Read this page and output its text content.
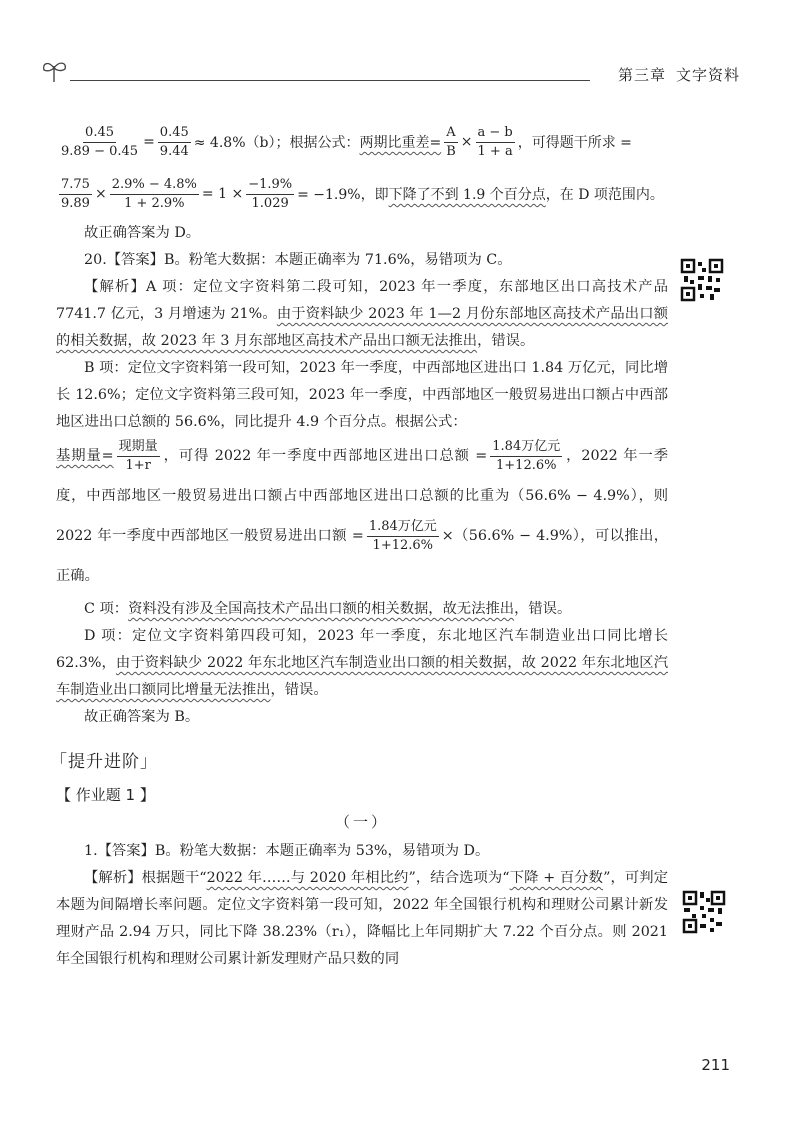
第三章 文字资料
$\frac{0.45}{9.89 - 0.45} = \frac{0.45}{9.44} \approx 4.8\%(b)$；根据公式： 两期比重差= $\frac{A}{B} \times \frac{a - b}{1 + a}$ ，可得题干所求 =
$\frac{7.75}{9.89} \times \frac{2.9\% - 4.8\%}{1 + 2.9\%} = 1 \times \frac{-1.9\%}{1.029} = -1.9\%$，即 下降了不到 1.9 个百分点 ，在 D 项范围内。

故正确答案为 D。

20.【答案】B。粉笔大数据：本题正确率为 71.6%，易错项为 C。

【解析】A 项：定位文字资料第二段可知，2023 年一季度，东部地区出口高技术产品 7741.7 亿元，3 月增速为 21%。由于资料缺少 2023 年 1—2 月份东部地区高技术产品出口额的相关数据，故 2023 年 3 月东部地区高技术产品出口额无法推出，错误。

B 项：定位文字资料第一段可知，2023 年一季度，中西部地区进出口 1.84 万亿元，同比增长 12.6%；定位文字资料第三段可知，2023 年一季度，中西部地区一般贸易进出口额占中西部地区进出口总额的 56.6%，同比提升 4.9 个百分点。根据公式：

基期量= $\frac{\text{现期量}}{1+r}$ ，可得 2022 年一季度中西部地区进出口总额 = $\frac{\text{1.84万亿元}}{1+12.6\%}$ ，2022 年一季度，中西部地区一般贸易进出口额占中西部地区进出口总额的比重为（56.6% − 4.9%），则 2022 年一季度中西部地区一般贸易进出口额 = $\frac{\text{1.84万亿元}}{1+12.6\%} \times(56.6\% - 4.9\%)$，可以推出，正确。

C 项：资料没有涉及全国高技术产品出口额的相关数据，故无法推出，错误。

D 项：定位文字资料第四段可知，2023 年一季度，东北地区汽车制造业出口同比增长 62.3%，由于资料缺少 2022 年东北地区汽车制造业出口额的相关数据，故 2022 年东北地区汽车制造业出口额同比增量无法推出，错误。

故正确答案为 B。

「提升进阶」
【 作业题 1 】
（一）

1.【答案】B。粉笔大数据：本题正确率为 53%，易错项为 D。

【解析】根据题干“2022 年……与 2020 年相比约”，结合选项为“下降 + 百分数”，可判定本题为间隔增长率问题。定位文字资料第一段可知，2022 年全国银行机构和理财公司累计新发理财产品 2.94 万只，同比下降 38.23%（r₁），降幅比上年同期扩大 7.22 个百分点。则 2021 年全国银行机构和理财公司累计新发理财产品只数的同

211
